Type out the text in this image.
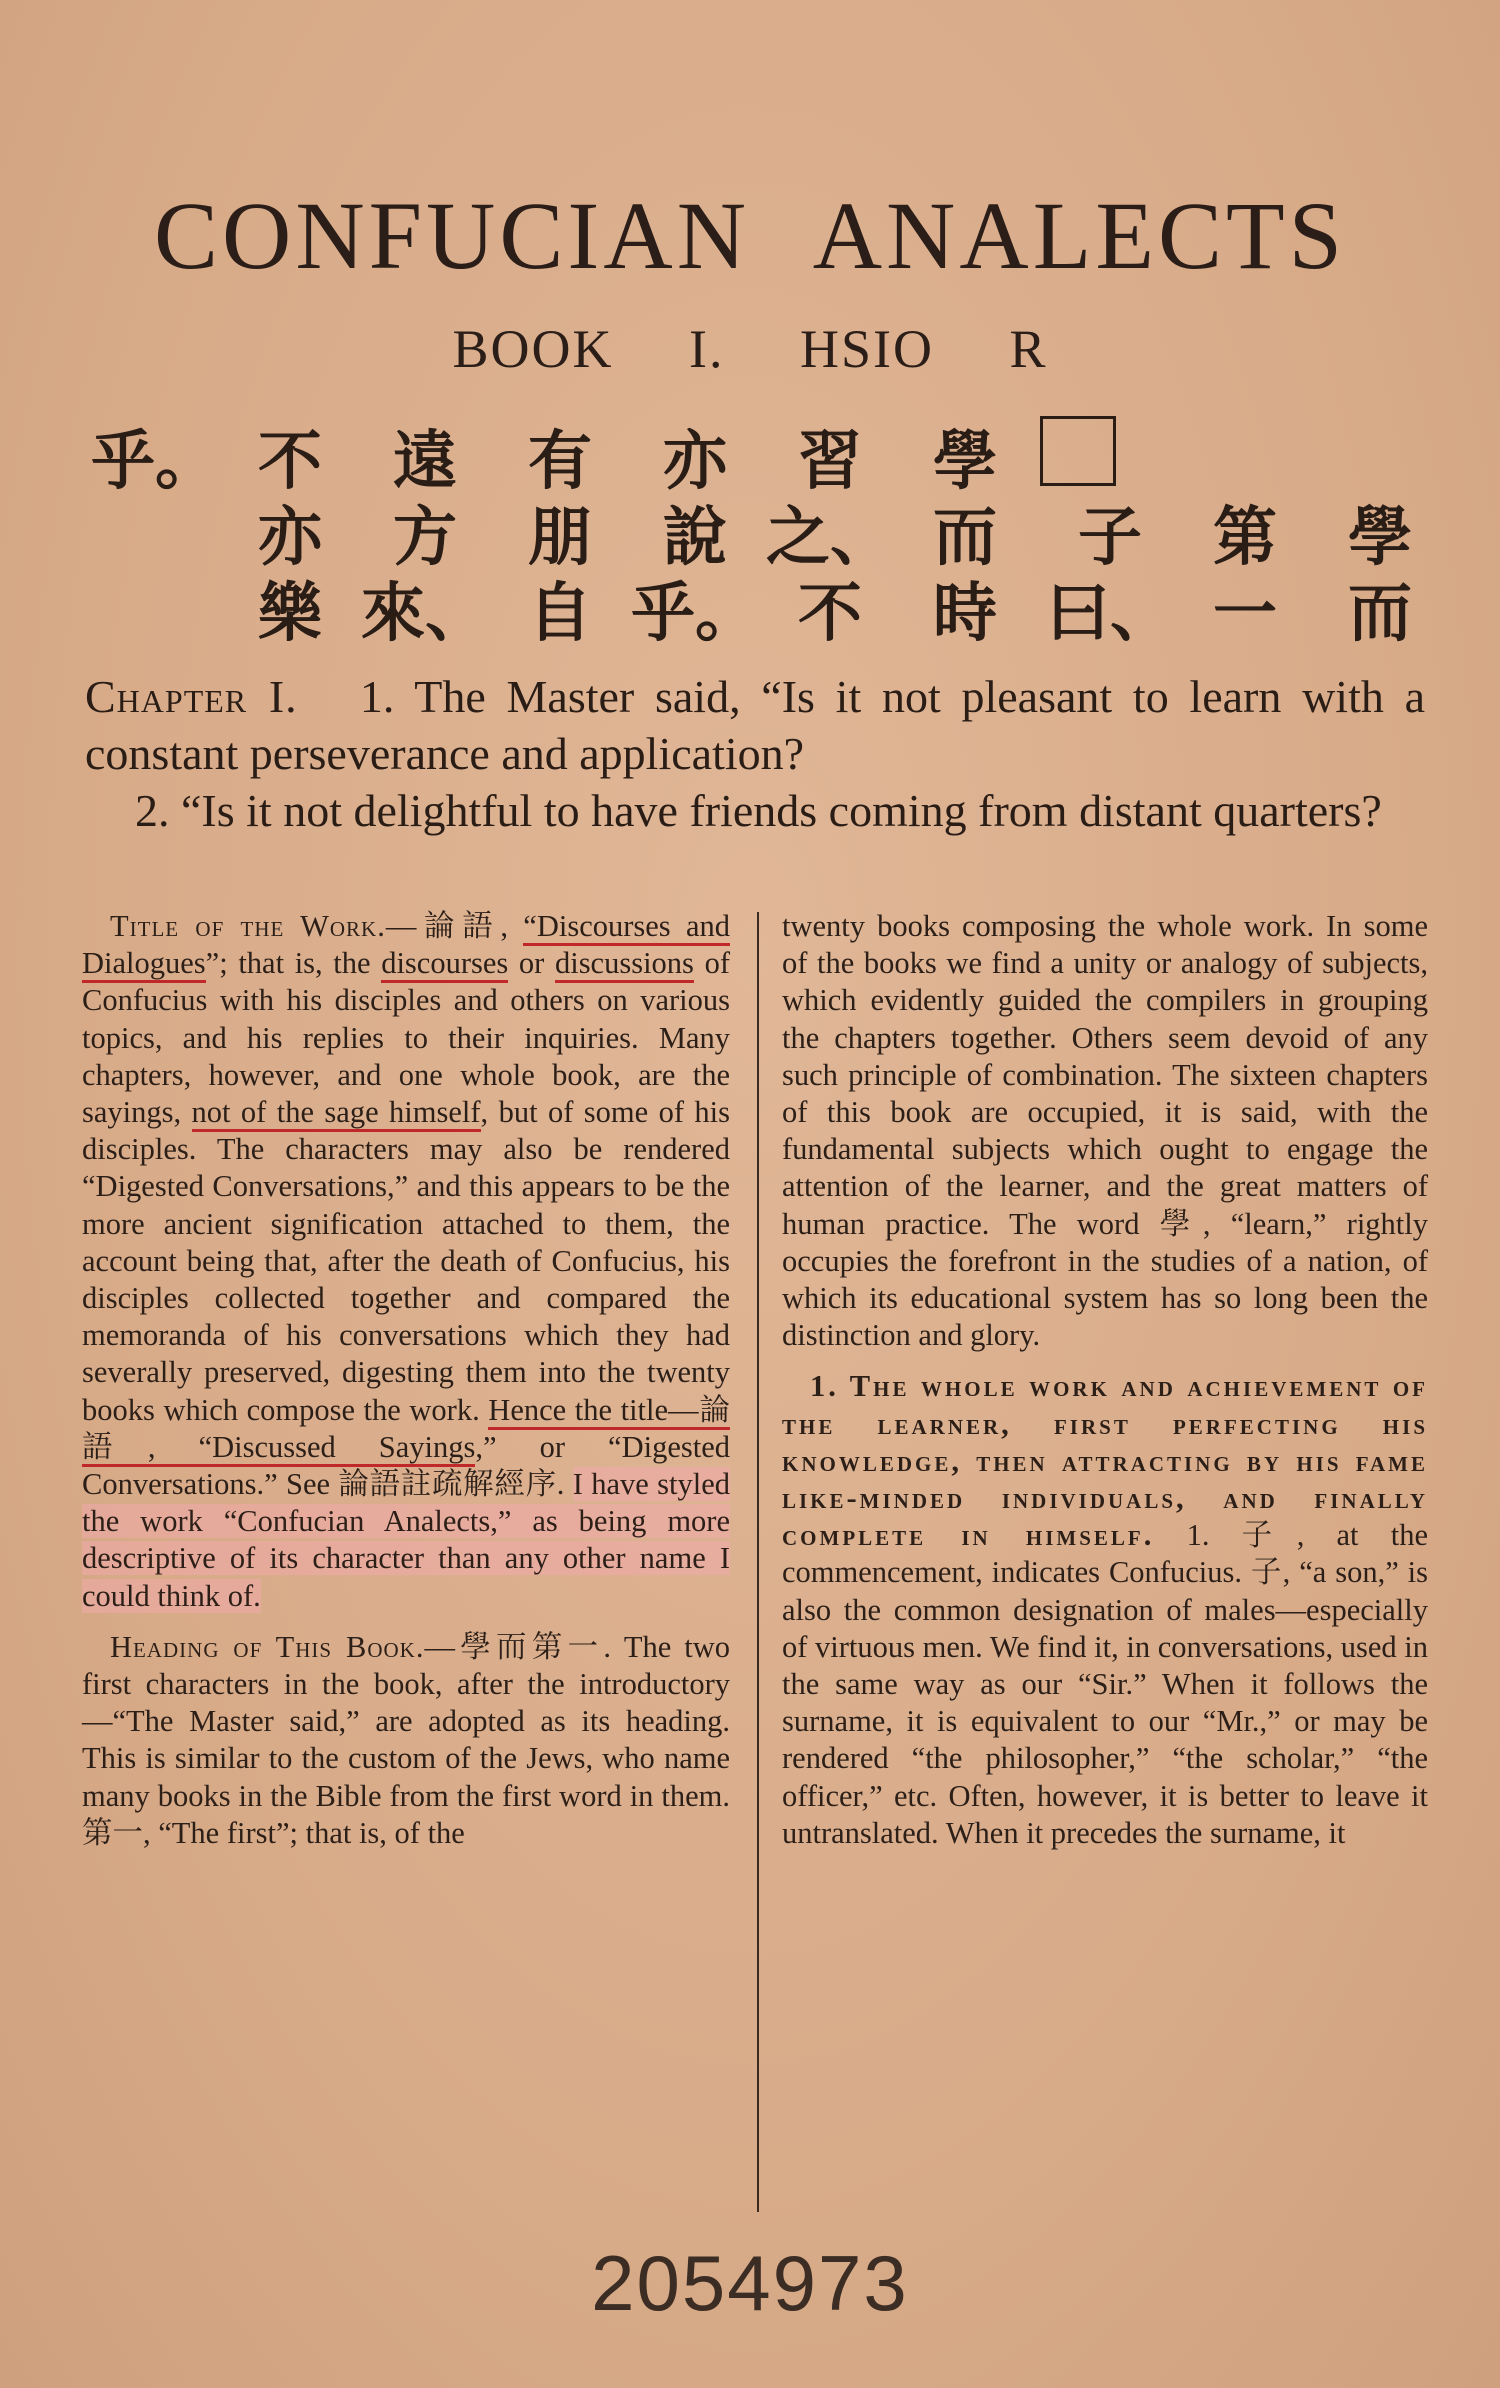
CONFUCIAN ANALECTS
BOOK I. HSIO R
乎。 不	遠	有	亦	習	學
亦	方	朋	說 之、 而	子	第	學
樂 來、 自 乎。 不	時 曰、 一	而

Chapter I. 1. The Master said, “Is it not pleasant to learn with a constant perseverance and application?

2. “Is it not delightful to have friends coming from distant quarters?

Title of the Work.—論語, “Discourses and Dialogues”; that is, the discourses or discussions of Confucius with his disciples and others on various topics, and his replies to their inquiries. Many chapters, however, and one whole book, are the sayings, not of the sage himself, but of some of his disciples. The characters may also be rendered “Digested Conversations,” and this appears to be the more ancient signification attached to them, the account being that, after the death of Confucius, his disciples collected together and compared the memoranda of his conversations which they had severally preserved, digesting them into the twenty books which compose the work. Hence the title—論語, “Discussed Sayings,” or “Digested Conversations.” See 論語註疏解經序. I have styled the work “Confucian Analects,” as being more descriptive of its character than any other name I could think of.

Heading of This Book.—學而第一. The two first characters in the book, after the introductory—“The Master said,” are adopted as its heading. This is similar to the custom of the Jews, who name many books in the Bible from the first word in them. 第一, “The first”; that is, of the

twenty books composing the whole work. In some of the books we find a unity or analogy of subjects, which evidently guided the compilers in grouping the chapters together. Others seem devoid of any such principle of combination. The sixteen chapters of this book are occupied, it is said, with the fundamental subjects which ought to engage the attention of the learner, and the great matters of human practice. The word 學, “learn,” rightly occupies the forefront in the studies of a nation, of which its educational system has so long been the distinction and glory.

1. The whole work and achievement of the learner, first perfecting his knowledge, then attracting by his fame like-minded individuals, and finally complete in himself. 1. 子, at the commencement, indicates Confucius. 子, “a son,” is also the common designation of males—especially of virtuous men. We find it, in conversations, used in the same way as our “Sir.” When it follows the surname, it is equivalent to our “Mr.,” or may be rendered “the philosopher,” “the scholar,” “the officer,” etc. Often, however, it is better to leave it untranslated. When it precedes the surname, it

2054973
